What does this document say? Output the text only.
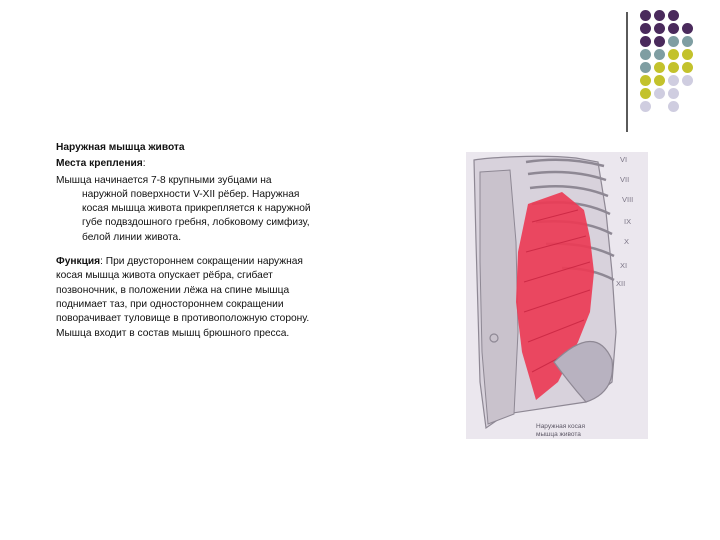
Наружная мышца живота
Места крепления:
Мышца начинается 7-8 крупными зубцами на
наружной поверхности V-XII рёбер. Наружная
косая мышца живота прикрепляется к наружной
губе подвздошного гребня, лобковому симфизу,
белой линии живота.
Функция: При двустороннем сокращении наружная
косая мышца живота опускает рёбра, сгибает
позвоночник, в положении лёжа на спине мышца
поднимает таз, при одностороннем сокращении
поворачивает туловище в противоположную сторону.
Мышца входит в состав мышц брюшного пресса.
VI
VII
VIII
IX
X
XI
XII
Наружная косая
мышца живота
